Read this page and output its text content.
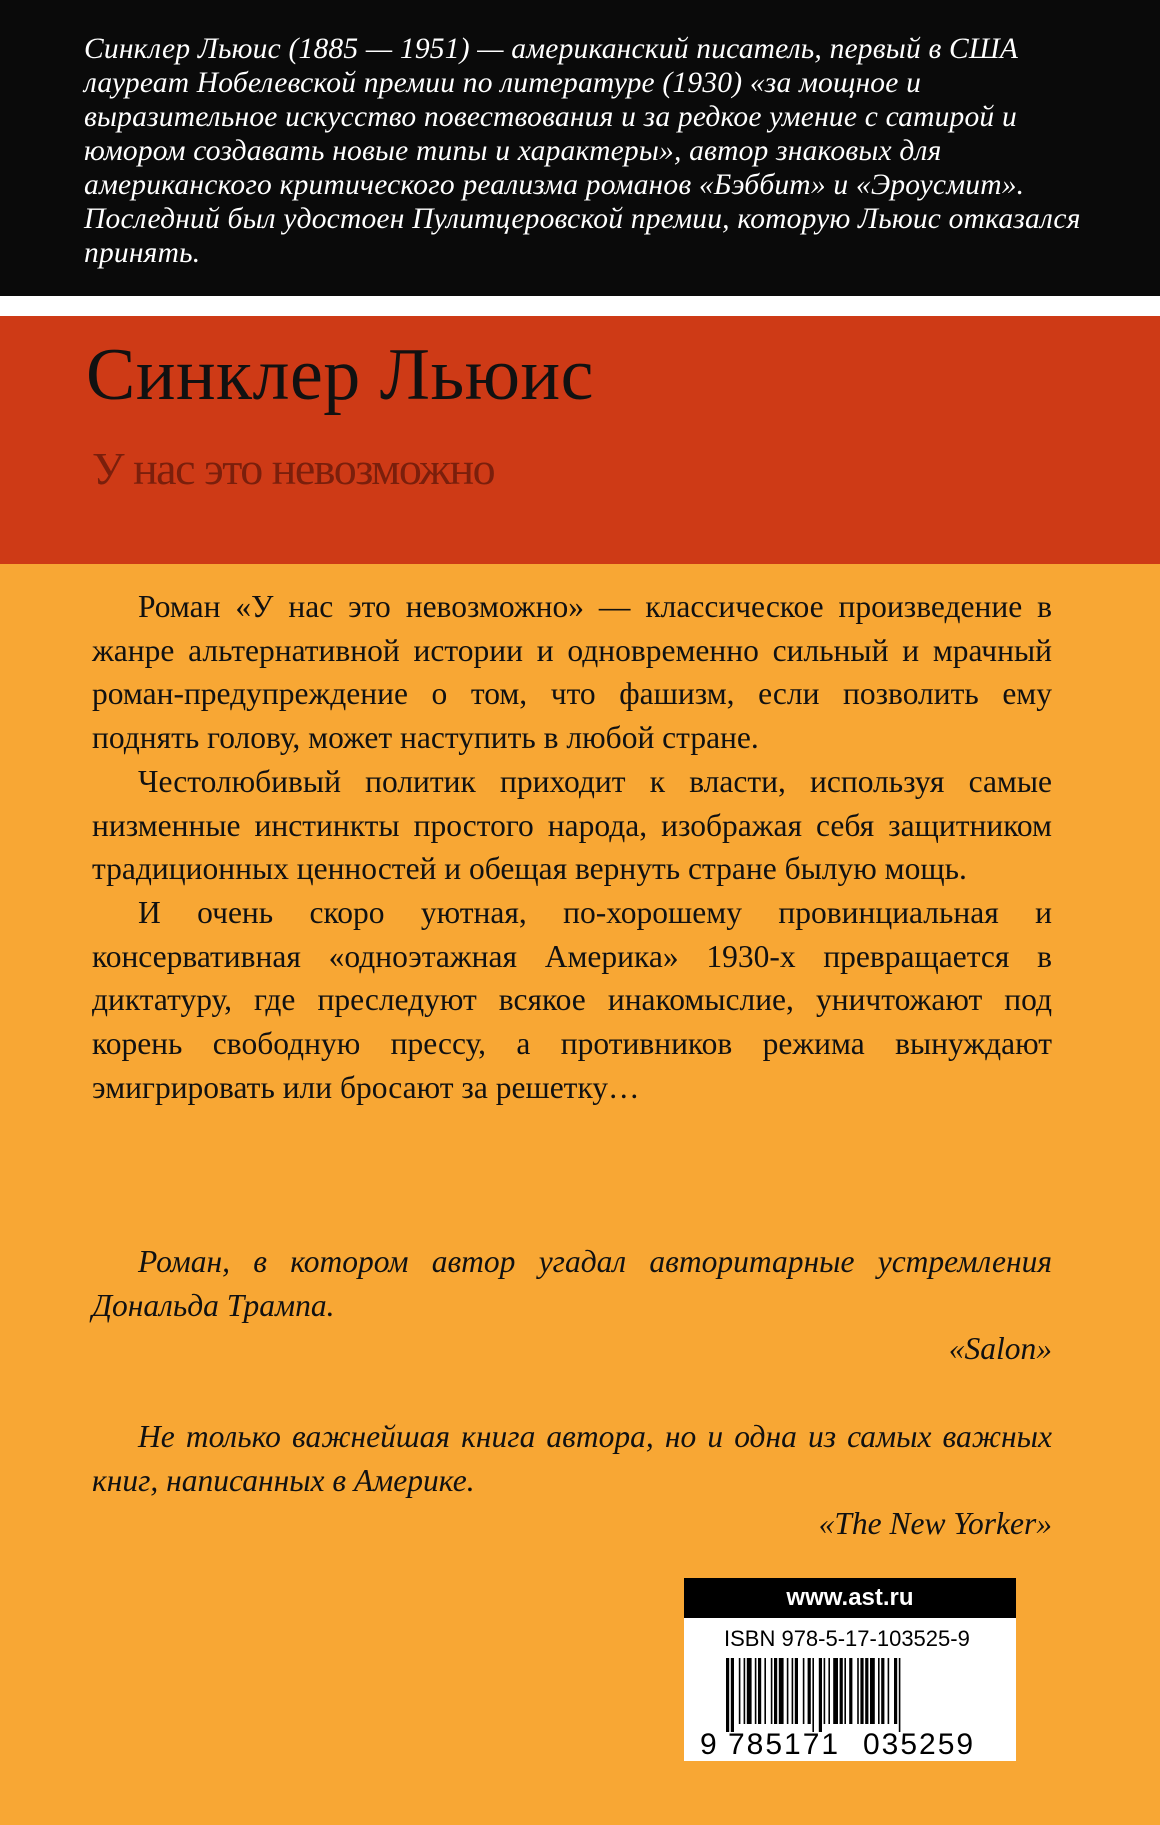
Синклер Льюис (1885 — 1951) — американский писатель, первый в США лауреат Нобелевской премии по литературе (1930) «за мощное и выразительное искусство повествования и за редкое умение с сатирой и юмором создавать новые типы и характеры», автор знаковых для американского критического реализма романов «Бэббит» и «Эроусмит». Последний был удостоен Пулитцеровской премии, которую Льюис отказался принять.

Синклер Льюис
У нас это невозможно

Роман «У нас это невозможно» — классическое произведение в жанре альтернативной истории и одновременно сильный и мрачный роман-предупреждение о том, что фашизм, если позволить ему поднять голову, может наступить в любой стране.

Честолюбивый политик приходит к власти, используя самые низменные инстинкты простого народа, изображая себя защитником традиционных ценностей и обещая вернуть стране былую мощь.

И очень скоро уютная, по-хорошему провинциальная и консервативная «одноэтажная Америка» 1930-х превращается в диктатуру, где преследуют всякое инакомыслие, уничтожают под корень свободную прессу, а противников режима вынуждают эмигрировать или бросают за решетку…

Роман, в котором автор угадал авторитарные устремления Дональда Трампа.

«Salon»

Не только важнейшая книга автора, но и одна из самых важных книг, написанных в Америке.

«The New Yorker»

www.ast.ru
ISBN 978-5-17-103525-9
9 785171 035259
